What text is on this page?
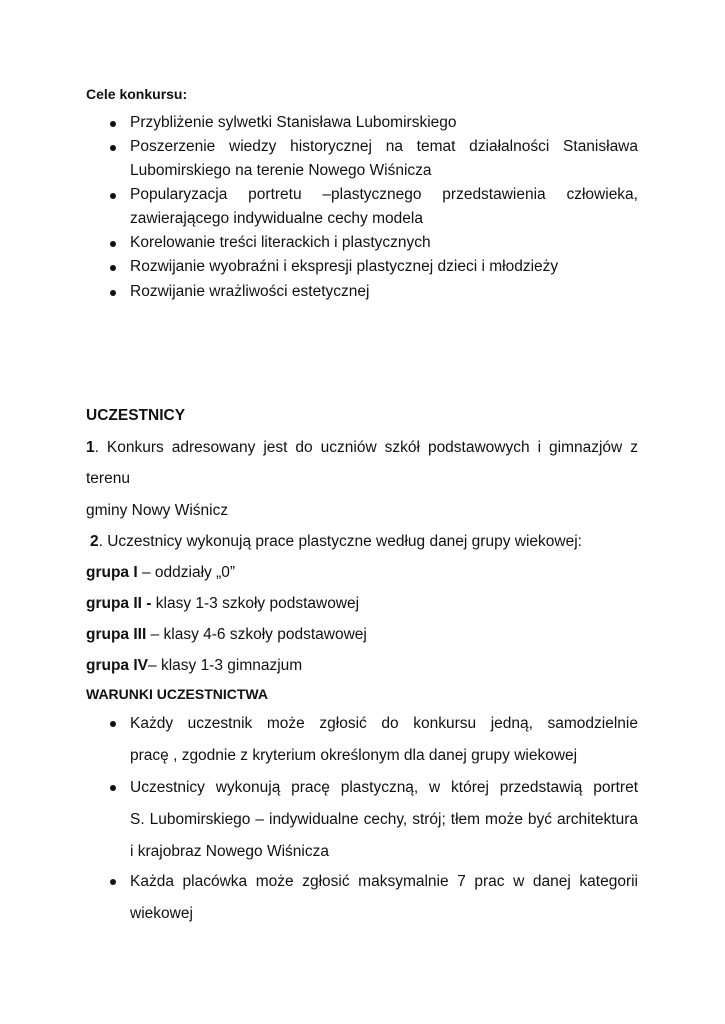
Cele konkursu:
Przybliżenie sylwetki Stanisława Lubomirskiego
Poszerzenie wiedzy historycznej na temat działalności Stanisława
Lubomirskiego na terenie Nowego Wiśnicza
Popularyzacja portretu –plastycznego przedstawienia człowieka,
zawierającego indywidualne cechy modela
Korelowanie treści literackich i plastycznych
Rozwijanie wyobraźni i ekspresji plastycznej dzieci i młodzieży
Rozwijanie wrażliwości estetycznej
UCZESTNICY
1. Konkurs adresowany jest do uczniów szkół podstawowych i gimnazjów z
terenu
gminy Nowy Wiśnicz
2. Uczestnicy wykonują prace plastyczne według danej grupy wiekowej:
grupa I – oddziały „0”
grupa II - klasy 1-3 szkoły podstawowej
grupa III – klasy 4-6 szkoły podstawowej
grupa IV– klasy 1-3 gimnazjum
WARUNKI UCZESTNICTWA
Każdy uczestnik może zgłosić do konkursu jedną, samodzielnie
pracę , zgodnie z kryterium określonym dla danej grupy wiekowej
Uczestnicy wykonują pracę plastyczną, w której przedstawią portret
S. Lubomirskiego – indywidualne cechy, strój; tłem może być architektura
i krajobraz Nowego Wiśnicza
Każda placówka może zgłosić maksymalnie 7 prac w danej kategorii
wiekowej
